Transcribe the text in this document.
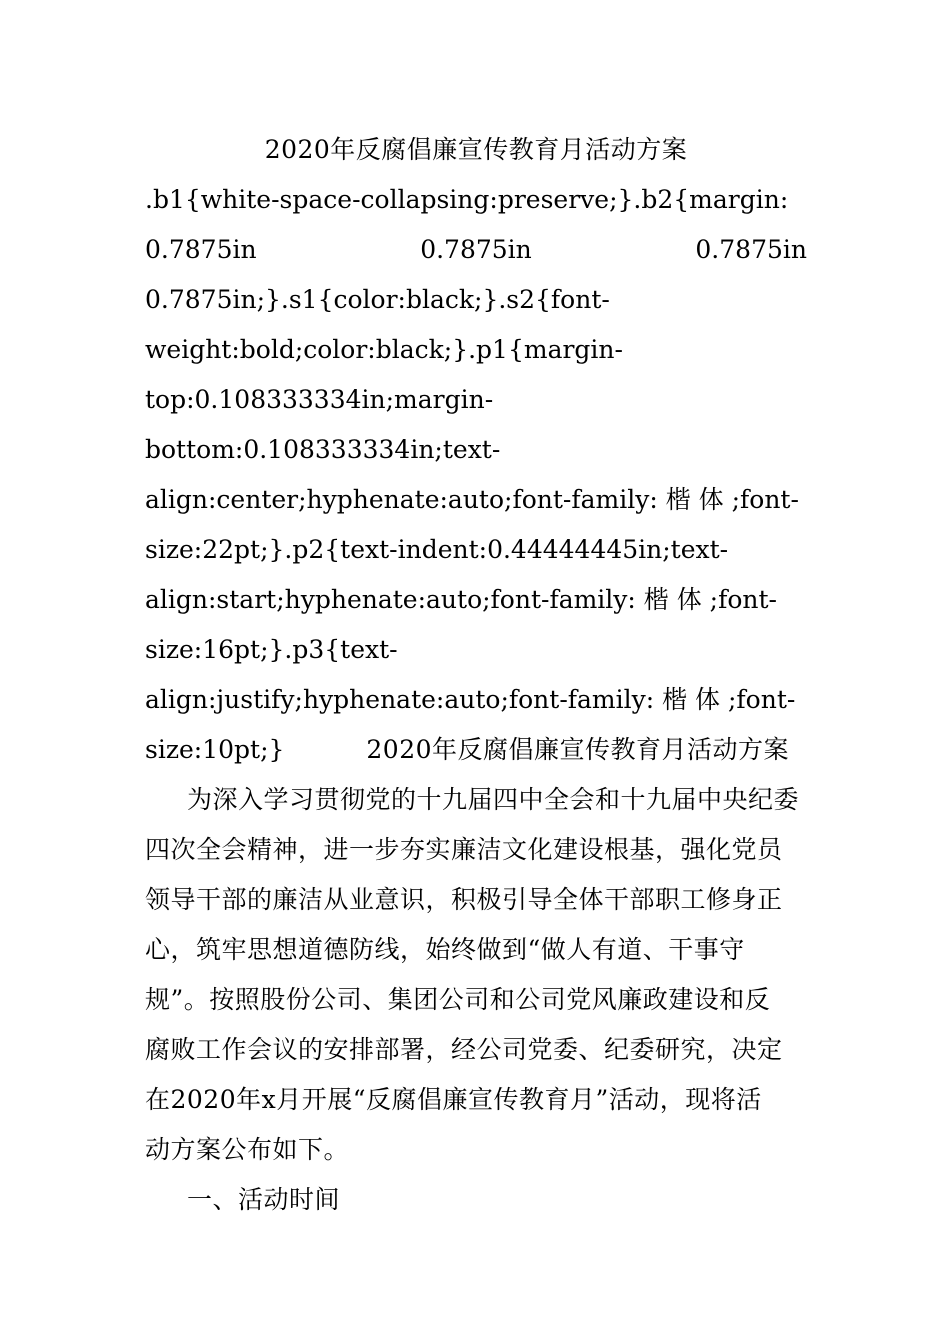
2020年反腐倡廉宣传教育月活动方案
.b1{white-space-collapsing:preserve;}.b2{margin:
0.7875in	0.7875in	0.7875in
0.7875in;}.s1{color:black;}.s2{font-
weight:bold;color:black;}.p1{margin-
top:0.108333334in;margin-
bottom:0.108333334in;text-
align:center;hyphenate:auto;font-family: 楷 体 ;font-
size:22pt;}.p2{text-indent:0.44444445in;text-
align:start;hyphenate:auto;font-family: 楷 体 ;font-
size:16pt;}.p3{text-
align:justify;hyphenate:auto;font-family: 楷 体 ;font-
size:10pt;}	2020年反腐倡廉宣传教育月活动方案
为深入学习贯彻党的十九届四中全会和十九届中央纪委
四次全会精神，进一步夯实廉洁文化建设根基，强化党员
领导干部的廉洁从业意识，积极引导全体干部职工修身正
心，筑牢思想道德防线，始终做到“做人有道、干事守
规”。按照股份公司、集团公司和公司党风廉政建设和反
腐败工作会议的安排部署，经公司党委、纪委研究，决定
在2020年x月开展“反腐倡廉宣传教育月”活动，现将活
动方案公布如下。
一、活动时间
